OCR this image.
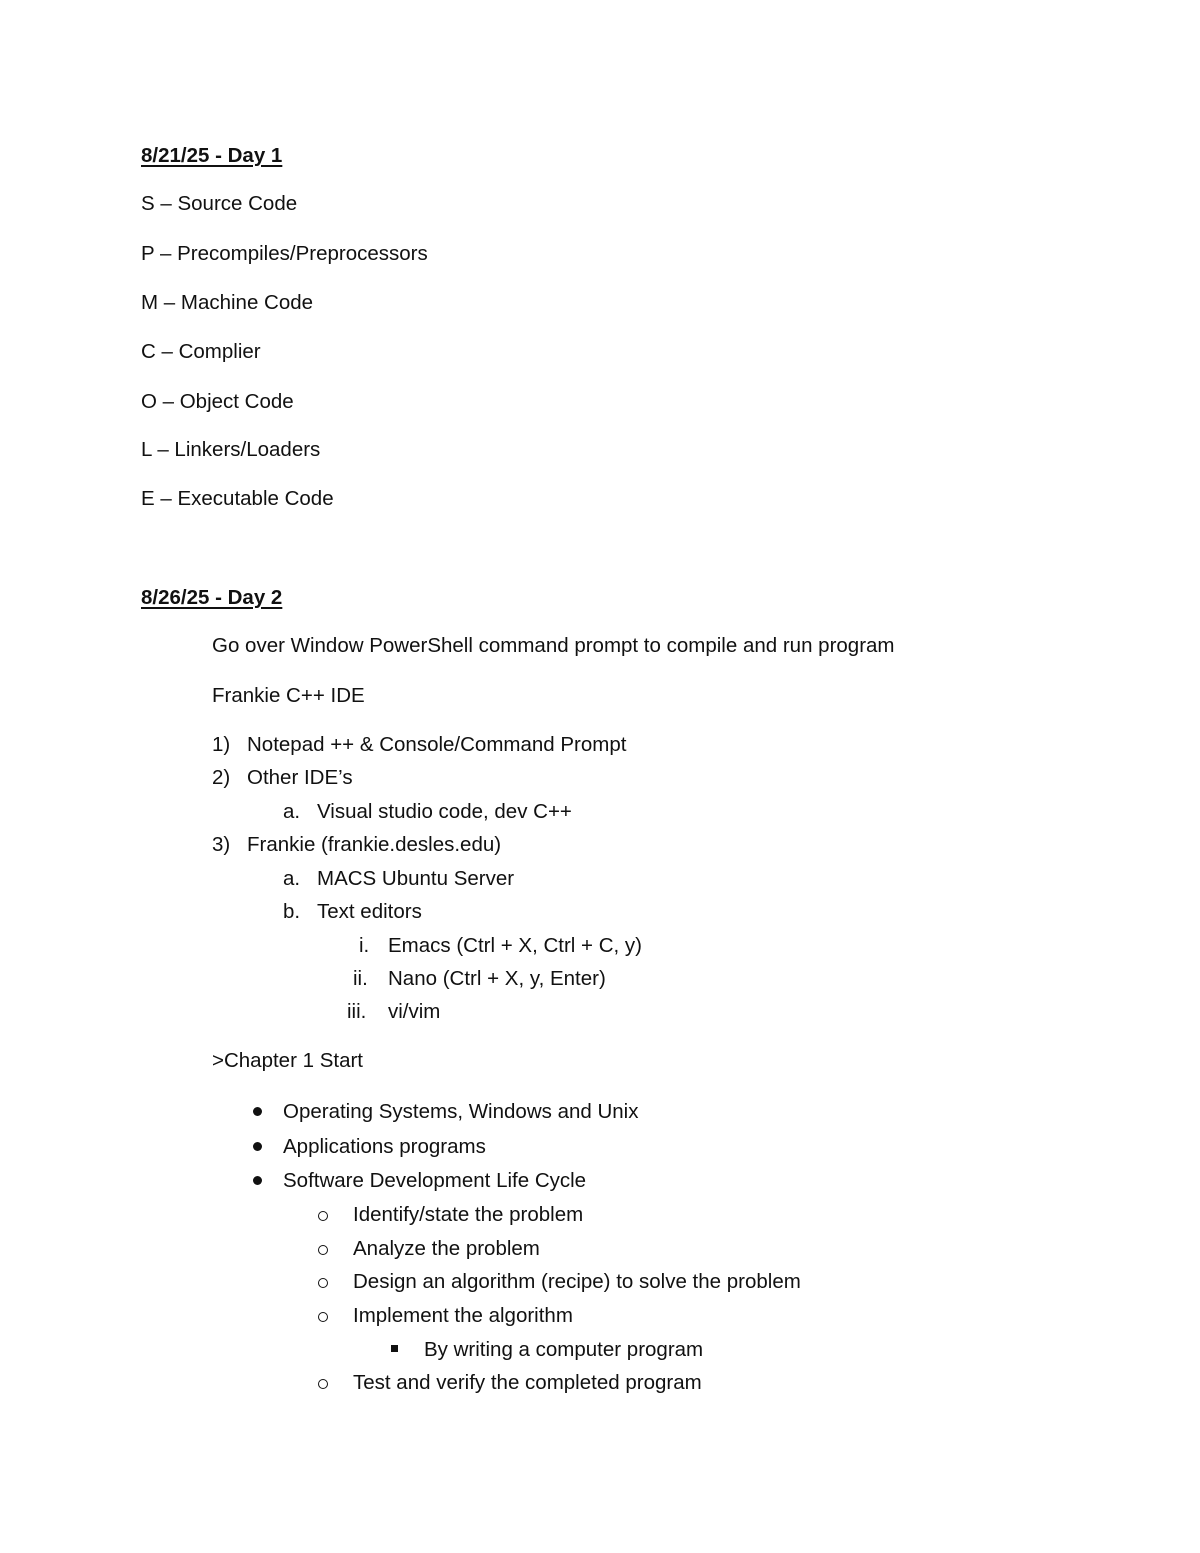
8/21/25 - Day 1
S – Source Code
P – Precompiles/Preprocessors
M – Machine Code
C – Complier
O – Object Code
L – Linkers/Loaders
E – Executable Code
8/26/25 - Day 2
Go over Window PowerShell command prompt to compile and run program
Frankie C++ IDE
1) Notepad ++ & Console/Command Prompt
2) Other IDE’s
a. Visual studio code, dev C++
3) Frankie (frankie.desles.edu)
a. MACS Ubuntu Server
b. Text editors
i. Emacs (Ctrl + X, Ctrl + C, y)
ii. Nano (Ctrl + X, y, Enter)
iii. vi/vim
>Chapter 1 Start
Operating Systems, Windows and Unix
Applications programs
Software Development Life Cycle
Identify/state the problem
Analyze the problem
Design an algorithm (recipe) to solve the problem
Implement the algorithm
By writing a computer program
Test and verify the completed program
